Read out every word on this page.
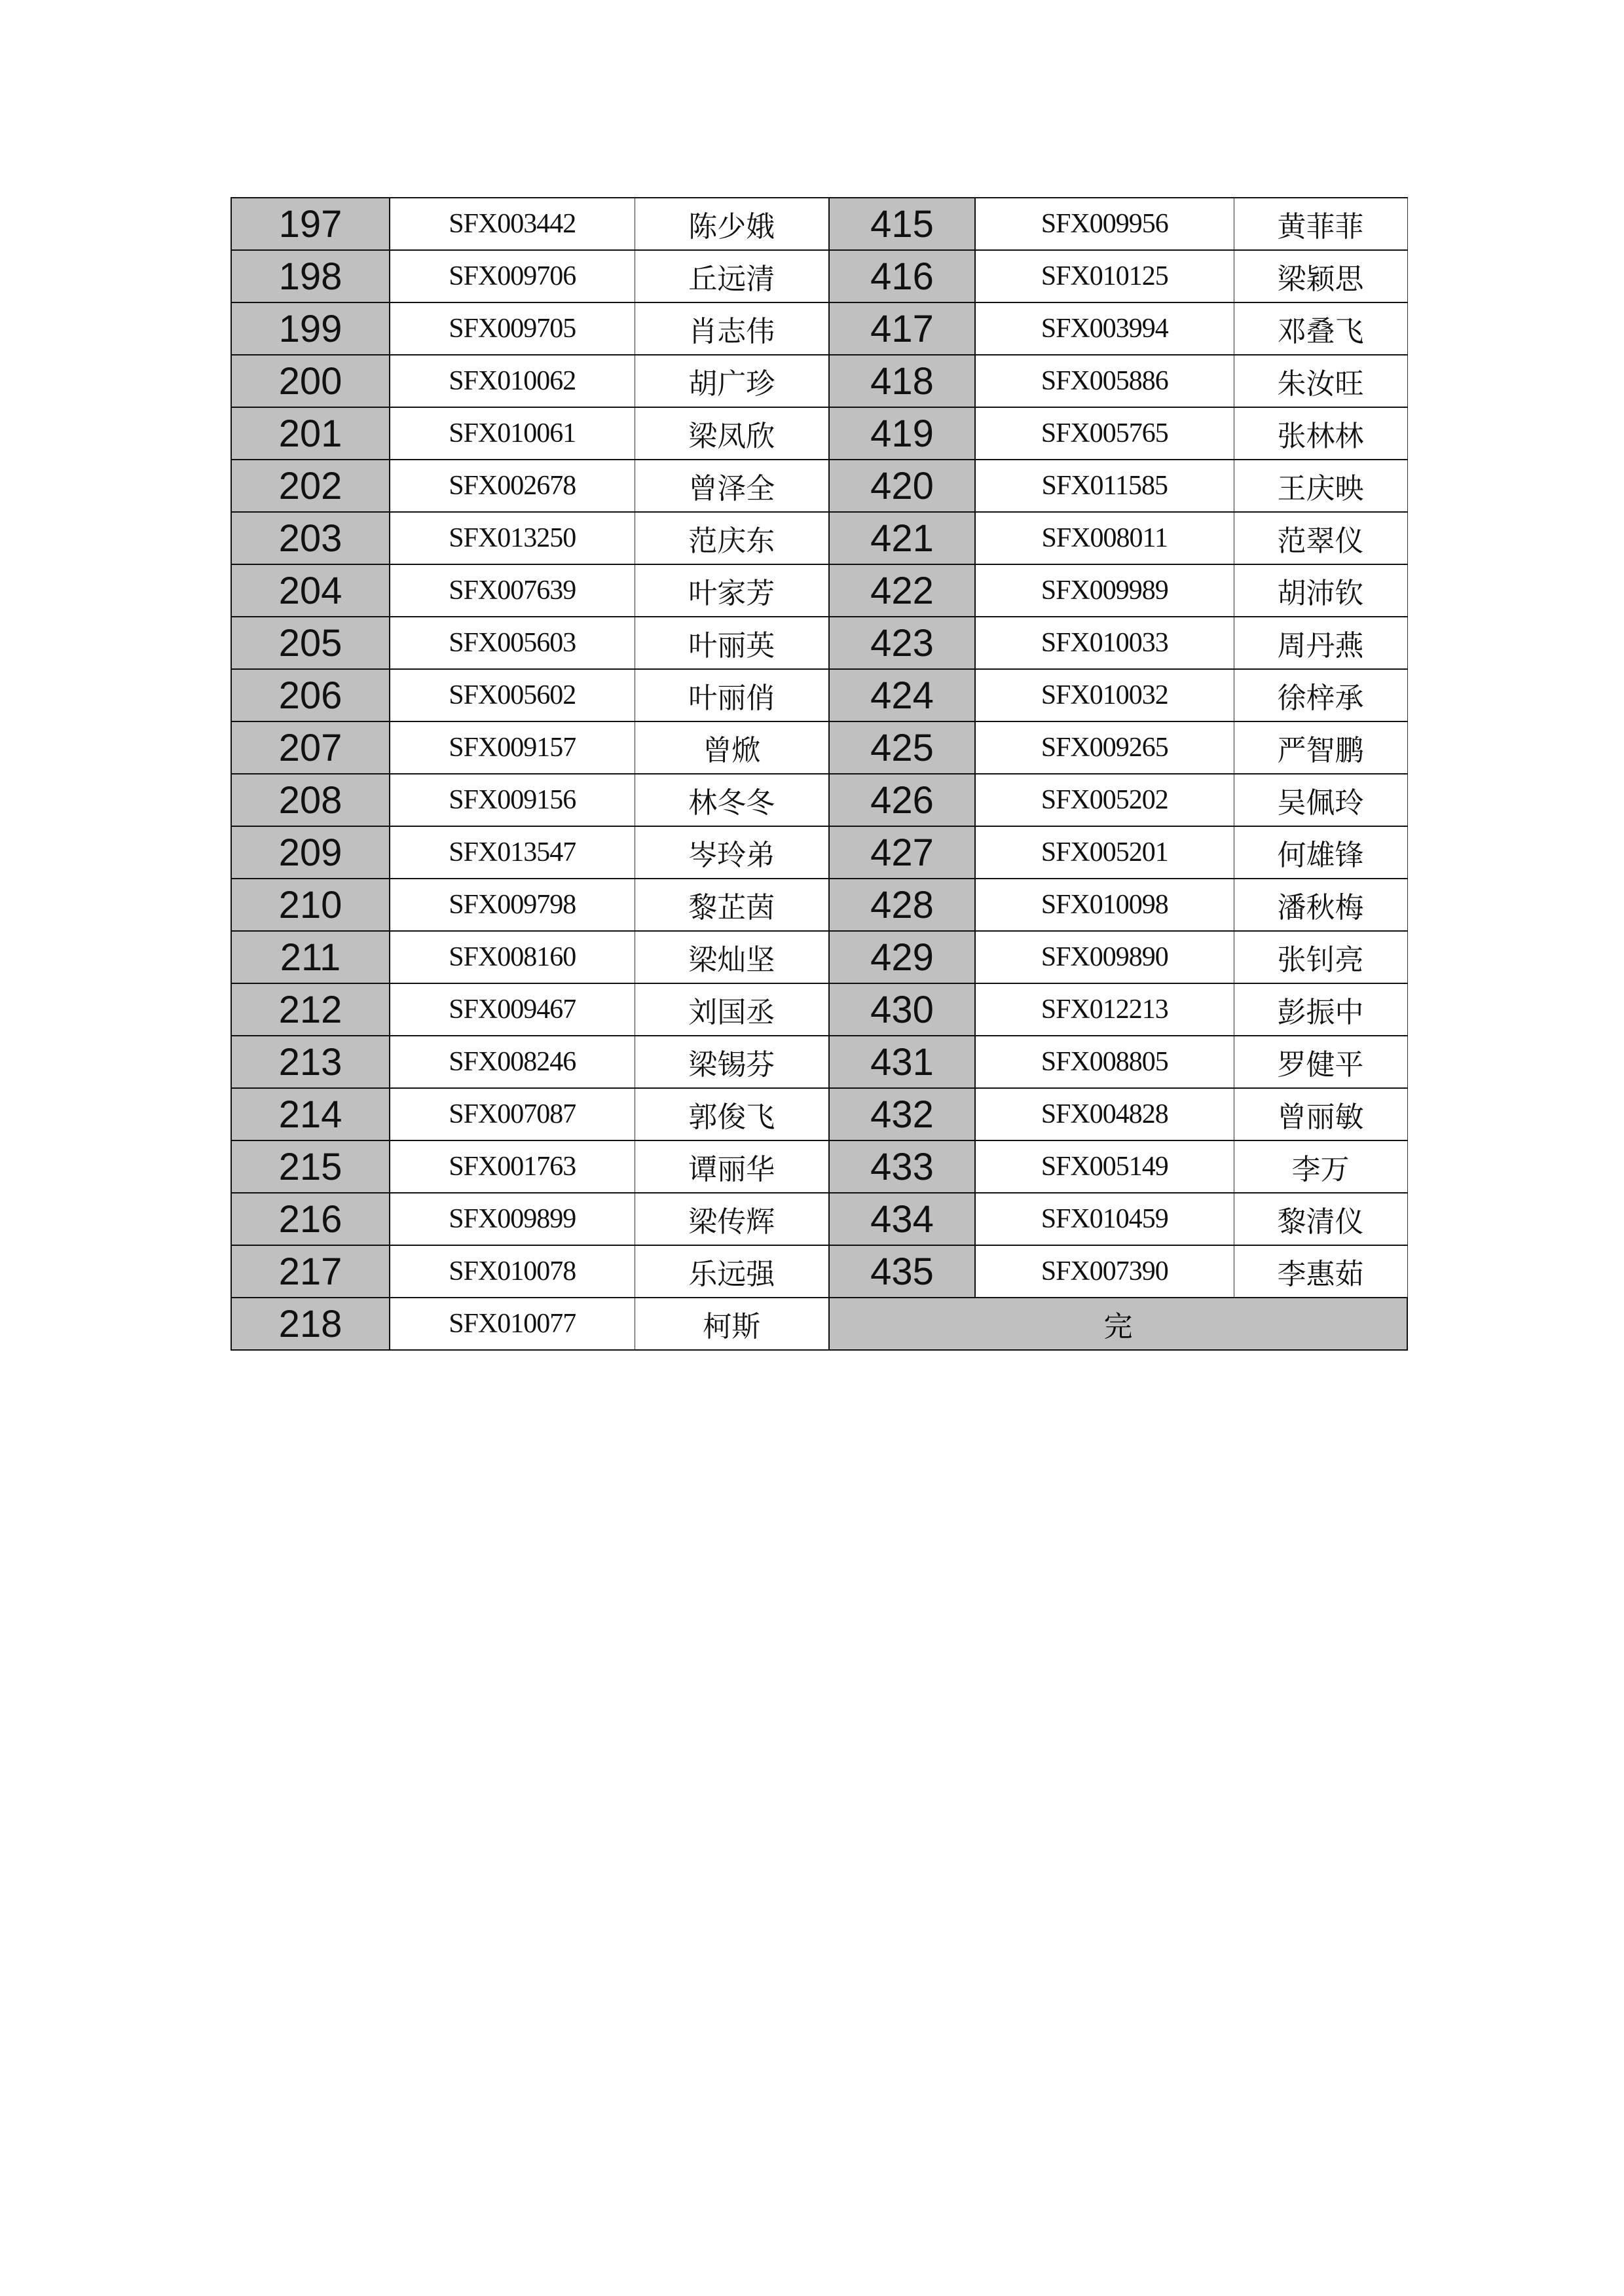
197	SFX003442	陈少娥	415	SFX009956	黄菲菲
198	SFX009706	丘远清	416	SFX010125	梁颖思
199	SFX009705	肖志伟	417	SFX003994	邓叠飞
200	SFX010062	胡广珍	418	SFX005886	朱汝旺
201	SFX010061	梁凤欣	419	SFX005765	张林林
202	SFX002678	曾泽全	420	SFX011585	王庆映
203	SFX013250	范庆东	421	SFX008011	范翠仪
204	SFX007639	叶家芳	422	SFX009989	胡沛钦
205	SFX005603	叶丽英	423	SFX010033	周丹燕
206	SFX005602	叶丽俏	424	SFX010032	徐梓承
207	SFX009157	曾焮	425	SFX009265	严智鹏
208	SFX009156	林冬冬	426	SFX005202	吴佩玲
209	SFX013547	岑玲弟	427	SFX005201	何雄锋
210	SFX009798	黎芷茵	428	SFX010098	潘秋梅
211	SFX008160	梁灿坚	429	SFX009890	张钊亮
212	SFX009467	刘国丞	430	SFX012213	彭振中
213	SFX008246	梁锡芬	431	SFX008805	罗健平
214	SFX007087	郭俊飞	432	SFX004828	曾丽敏
215	SFX001763	谭丽华	433	SFX005149	李万
216	SFX009899	梁传辉	434	SFX010459	黎清仪
217	SFX010078	乐远强	435	SFX007390	李惠茹
218	SFX010077	柯斯	完		
